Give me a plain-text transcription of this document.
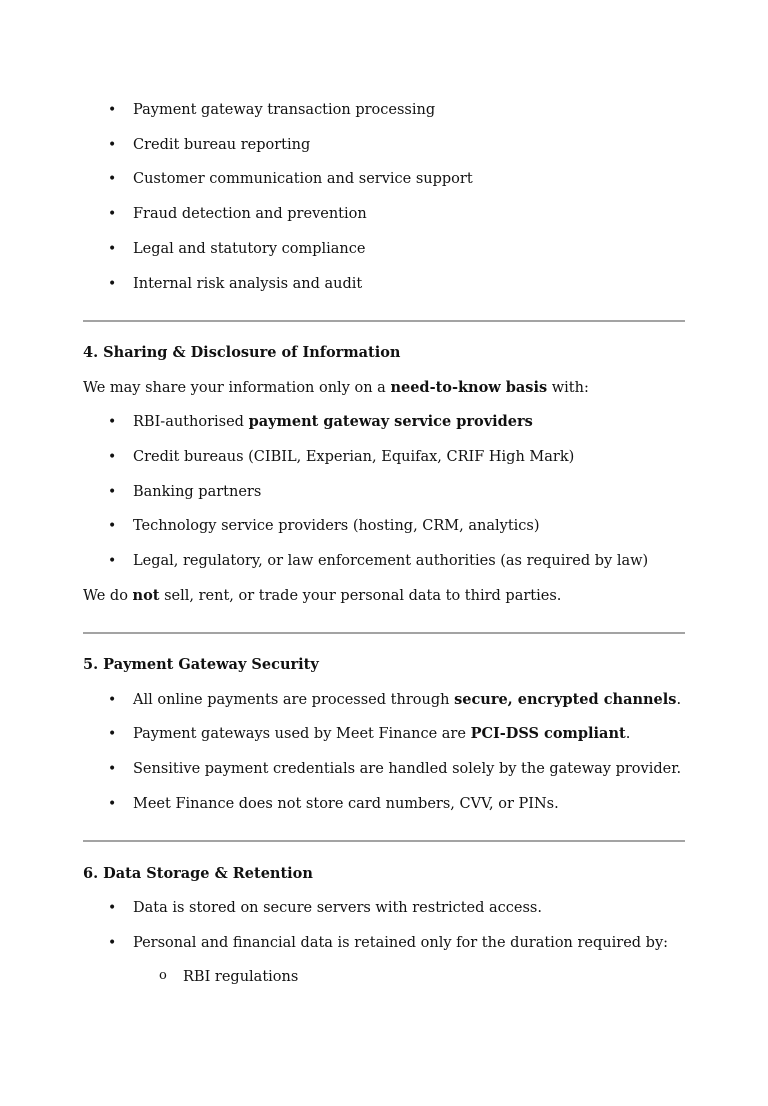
• Payment gateway transaction processing
• Credit bureau reporting
• Customer communication and service support
• Fraud detection and prevention
• Legal and statutory compliance
• Internal risk analysis and audit
4. Sharing & Disclosure of Information
We may share your information only on a need-to-know basis with:
• RBI-authorised payment gateway service providers
• Credit bureaus (CIBIL, Experian, Equifax, CRIF High Mark)
• Banking partners
• Technology service providers (hosting, CRM, analytics)
• Legal, regulatory, or law enforcement authorities (as required by law)
We do not sell, rent, or trade your personal data to third parties.
5. Payment Gateway Security
• All online payments are processed through secure, encrypted channels.
• Payment gateways used by Meet Finance are PCI-DSS compliant.
• Sensitive payment credentials are handled solely by the gateway provider.
• Meet Finance does not store card numbers, CVV, or PINs.
6. Data Storage & Retention
• Data is stored on secure servers with restricted access.
• Personal and financial data is retained only for the duration required by:
o RBI regulations
